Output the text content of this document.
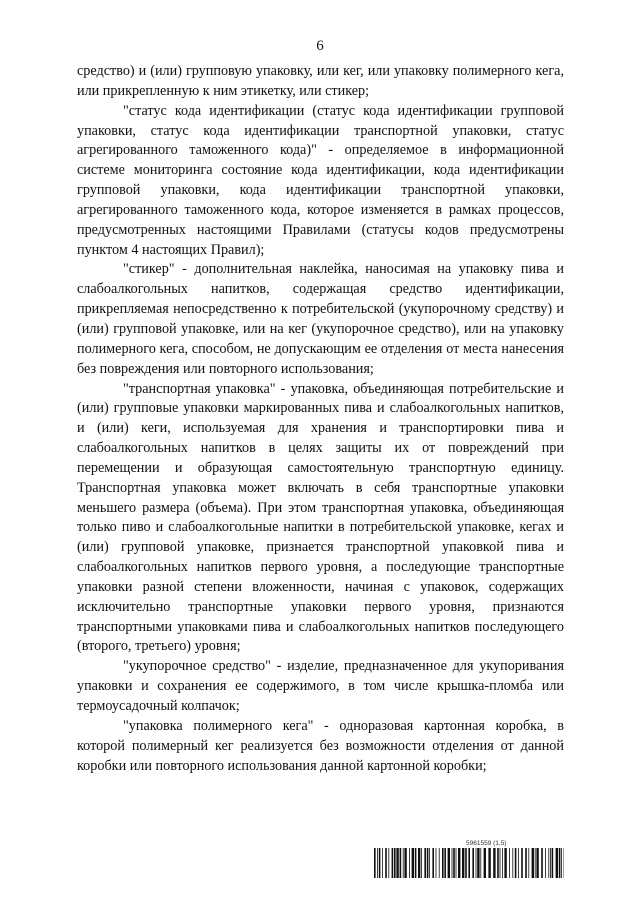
6

средство) и (или) групповую упаковку, или кег, или упаковку полимерного кега, или прикрепленную к ним этикетку, или стикер;

"статус кода идентификации (статус кода идентификации групповой упаковки, статус кода идентификации транспортной упаковки, статус агрегированного таможенного кода)" - определяемое в информационной системе мониторинга состояние кода идентификации, кода идентификации групповой упаковки, кода идентификации транспортной упаковки, агрегированного таможенного кода, которое изменяется в рамках процессов, предусмотренных настоящими Правилами (статусы кодов предусмотрены пунктом 4 настоящих Правил);

"стикер" - дополнительная наклейка, наносимая на упаковку пива и слабоалкогольных напитков, содержащая средство идентификации, прикрепляемая непосредственно к потребительской (укупорочному средству) и (или) групповой упаковке, или на кег (укупорочное средство), или на упаковку полимерного кега, способом, не допускающим ее отделения от места нанесения без повреждения или повторного использования;

"транспортная упаковка" - упаковка, объединяющая потребительские и (или) групповые упаковки маркированных пива и слабоалкогольных напитков, и (или) кеги, используемая для хранения и транспортировки пива и слабоалкогольных напитков в целях защиты их от повреждений при перемещении и образующая самостоятельную транспортную единицу. Транспортная упаковка может включать в себя транспортные упаковки меньшего размера (объема). При этом транспортная упаковка, объединяющая только пиво и слабоалкогольные напитки в потребительской упаковке, кегах и (или) групповой упаковке, признается транспортной упаковкой пива и слабоалкогольных напитков первого уровня, а последующие транспортные упаковки разной степени вложенности, начиная с упаковок, содержащих исключительно транспортные упаковки первого уровня, признаются транспортными упаковками пива и слабоалкогольных напитков последующего (второго, третьего) уровня;

"укупорочное средство" - изделие, предназначенное для укупоривания упаковки и сохранения ее содержимого, в том числе крышка-пломба или термоусадочный колпачок;

"упаковка полимерного кега" - одноразовая картонная коробка, в которой полимерный кег реализуется без возможности отделения от данной коробки или повторного использования данной картонной коробки;

5961559 (1.5)
